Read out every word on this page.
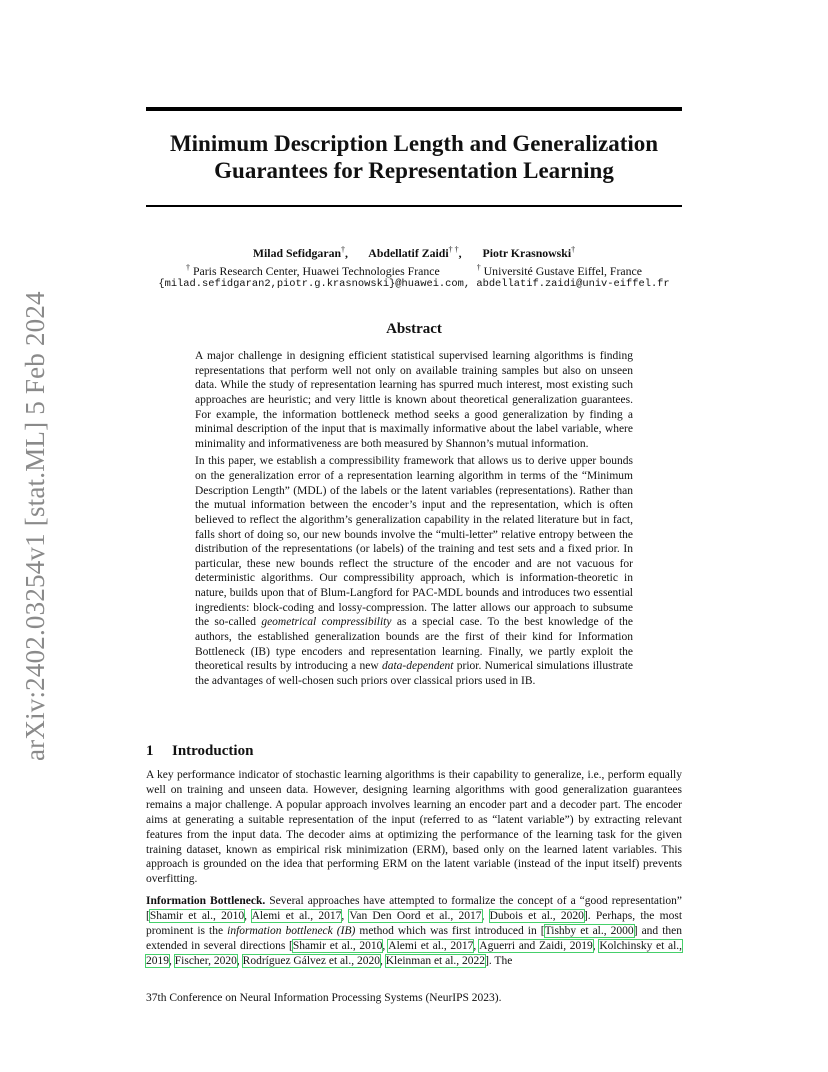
Minimum Description Length and Generalization
Guarantees for Representation Learning
Milad Sefidgaran†, Abdellatif Zaidi† †, Piotr Krasnowski†
† Paris Research Center, Huawei Technologies France	† Université Gustave Eiffel, France
{milad.sefidgaran2,piotr.g.krasnowski}@huawei.com, abdellatif.zaidi@univ-eiffel.fr
arXiv:2402.03254v1 [stat.ML] 5 Feb 2024	Abstract

A major challenge in designing efficient statistical supervised learning algorithms is finding representations that perform well not only on available training samples but also on unseen data. While the study of representation learning has spurred much interest, most existing such approaches are heuristic; and very little is known about theoretical generalization guarantees. For example, the information bottleneck method seeks a good generalization by finding a minimal description of the input that is maximally informative about the label variable, where minimality and informativeness are both measured by Shannon’s mutual information.

In this paper, we establish a compressibility framework that allows us to derive upper bounds on the generalization error of a representation learning algorithm in terms of the “Minimum Description Length” (MDL) of the labels or the latent variables (representations). Rather than the mutual information between the encoder’s input and the representation, which is often believed to reflect the algorithm’s generalization capability in the related literature but in fact, falls short of doing so, our new bounds involve the “multi-letter” relative entropy between the distribution of the representations (or labels) of the training and test sets and a fixed prior. In particular, these new bounds reflect the structure of the encoder and are not vacuous for deterministic algorithms. Our compressibility approach, which is information-theoretic in nature, builds upon that of Blum-Langford for PAC-MDL bounds and introduces two essential ingredients: block-coding and lossy-compression. The latter allows our approach to subsume the so-called geometrical compressibility as a special case. To the best knowledge of the authors, the established generalization bounds are the first of their kind for Information Bottleneck (IB) type encoders and representation learning. Finally, we partly exploit the theoretical results by introducing a new data-dependent prior. Numerical simulations illustrate the advantages of well-chosen such priors over classical priors used in IB.

1 Introduction

A key performance indicator of stochastic learning algorithms is their capability to generalize, i.e., perform equally well on training and unseen data. However, designing learning algorithms with good generalization guarantees remains a major challenge. A popular approach involves learning an encoder part and a decoder part. The encoder aims at generating a suitable representation of the input (referred to as “latent variable”) by extracting relevant features from the input data. The decoder aims at optimizing the performance of the learning task for the given training dataset, known as empirical risk minimization (ERM), based only on the learned latent variables. This approach is grounded on the idea that performing ERM on the latent variable (instead of the input itself) prevents overfitting.

Information Bottleneck. Several approaches have attempted to formalize the concept of a “good representation” [Shamir et al., 2010, Alemi et al., 2017, Van Den Oord et al., 2017, Dubois et al., 2020]. Perhaps, the most prominent is the information bottleneck (IB) method which was first introduced in [Tishby et al., 2000] and then extended in several directions [Shamir et al., 2010, Alemi et al., 2017, Aguerri and Zaidi, 2019, Kolchinsky et al., 2019, Fischer, 2020, Rodríguez Gálvez et al., 2020, Kleinman et al., 2022]. The

37th Conference on Neural Information Processing Systems (NeurIPS 2023).
